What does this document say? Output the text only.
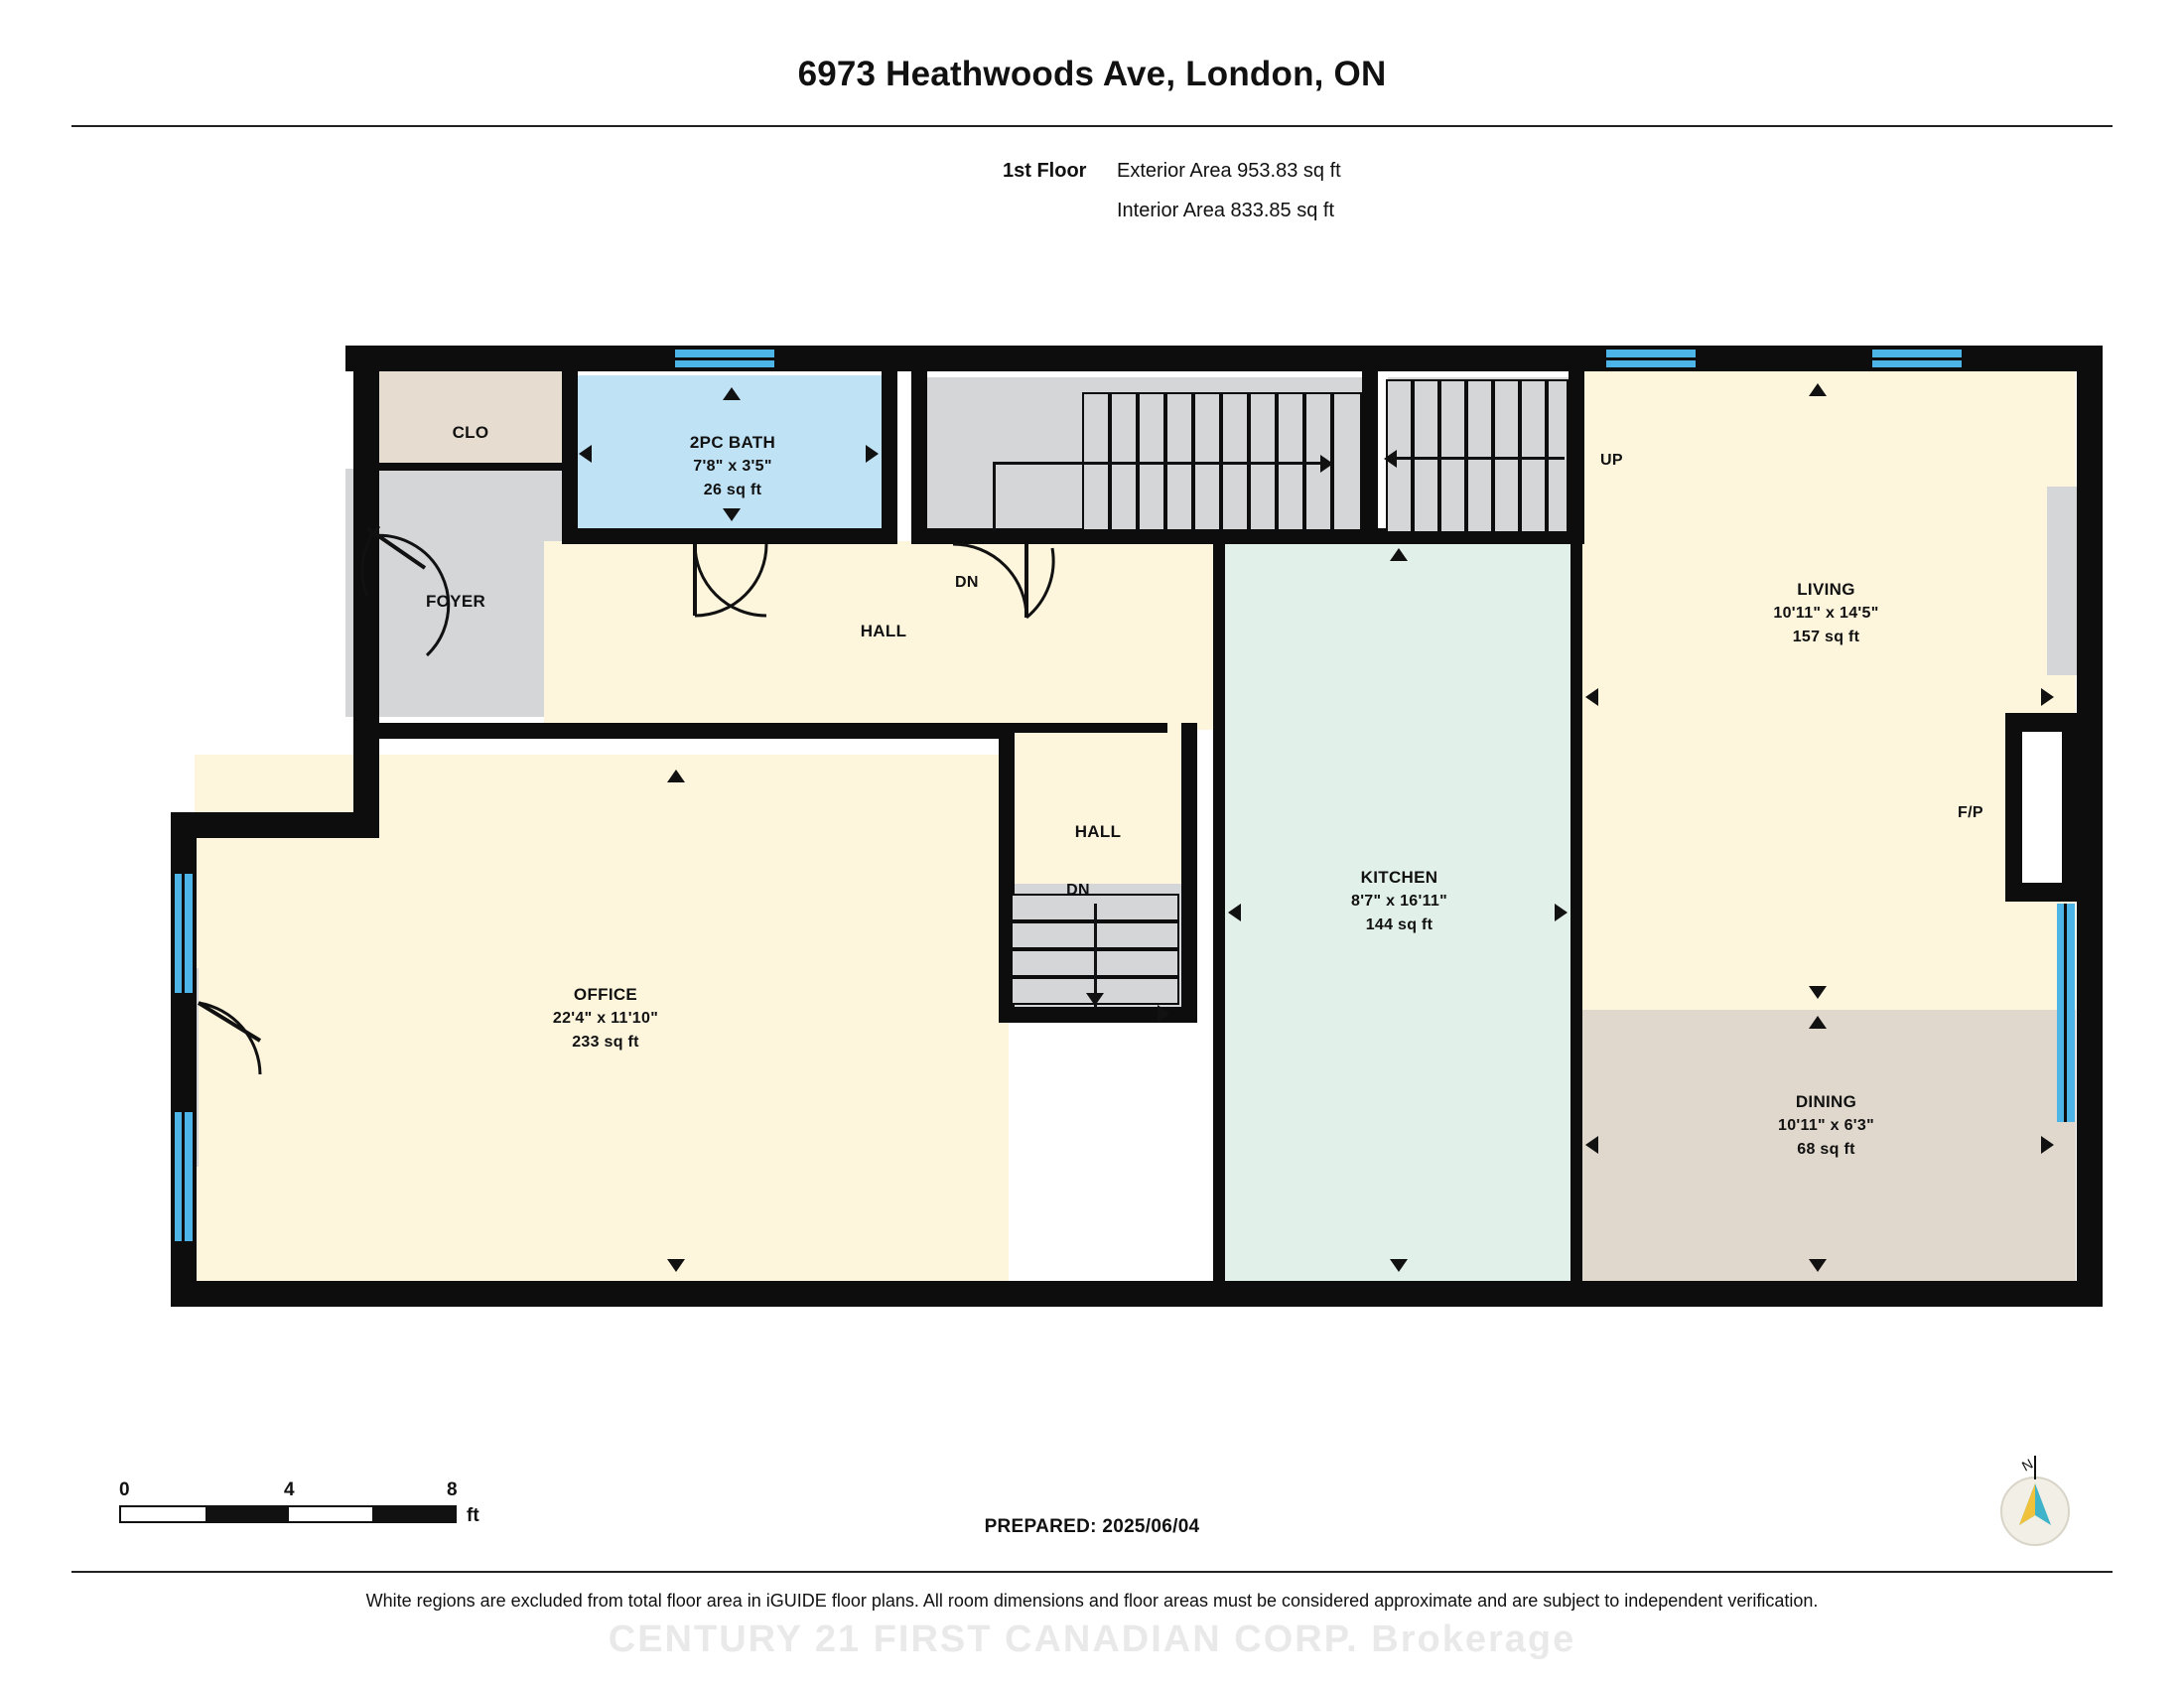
6973 Heathwoods Ave, London, ON
1st Floor Exterior Area 953.83 sq ft
Interior Area 833.85 sq ft
F/P
UP
DN
DN
CLO
2PC BATH
7'8" x 3'5"
26 sq ft
FOYER
HALL
LIVING
10'11" x 14'5"
157 sq ft
HALL
OFFICE
22'4" x 11'10"
233 sq ft
KITCHEN
8'7" x 16'11"
144 sq ft
DINING
10'11" x 6'3"
68 sq ft
0	4	8
ft
PREPARED: 2025/06/04
N
White regions are excluded from total floor area in iGUIDE floor plans. All room dimensions and floor areas must be considered approximate and are subject to independent verification.
CENTURY 21 FIRST CANADIAN CORP. Brokerage
